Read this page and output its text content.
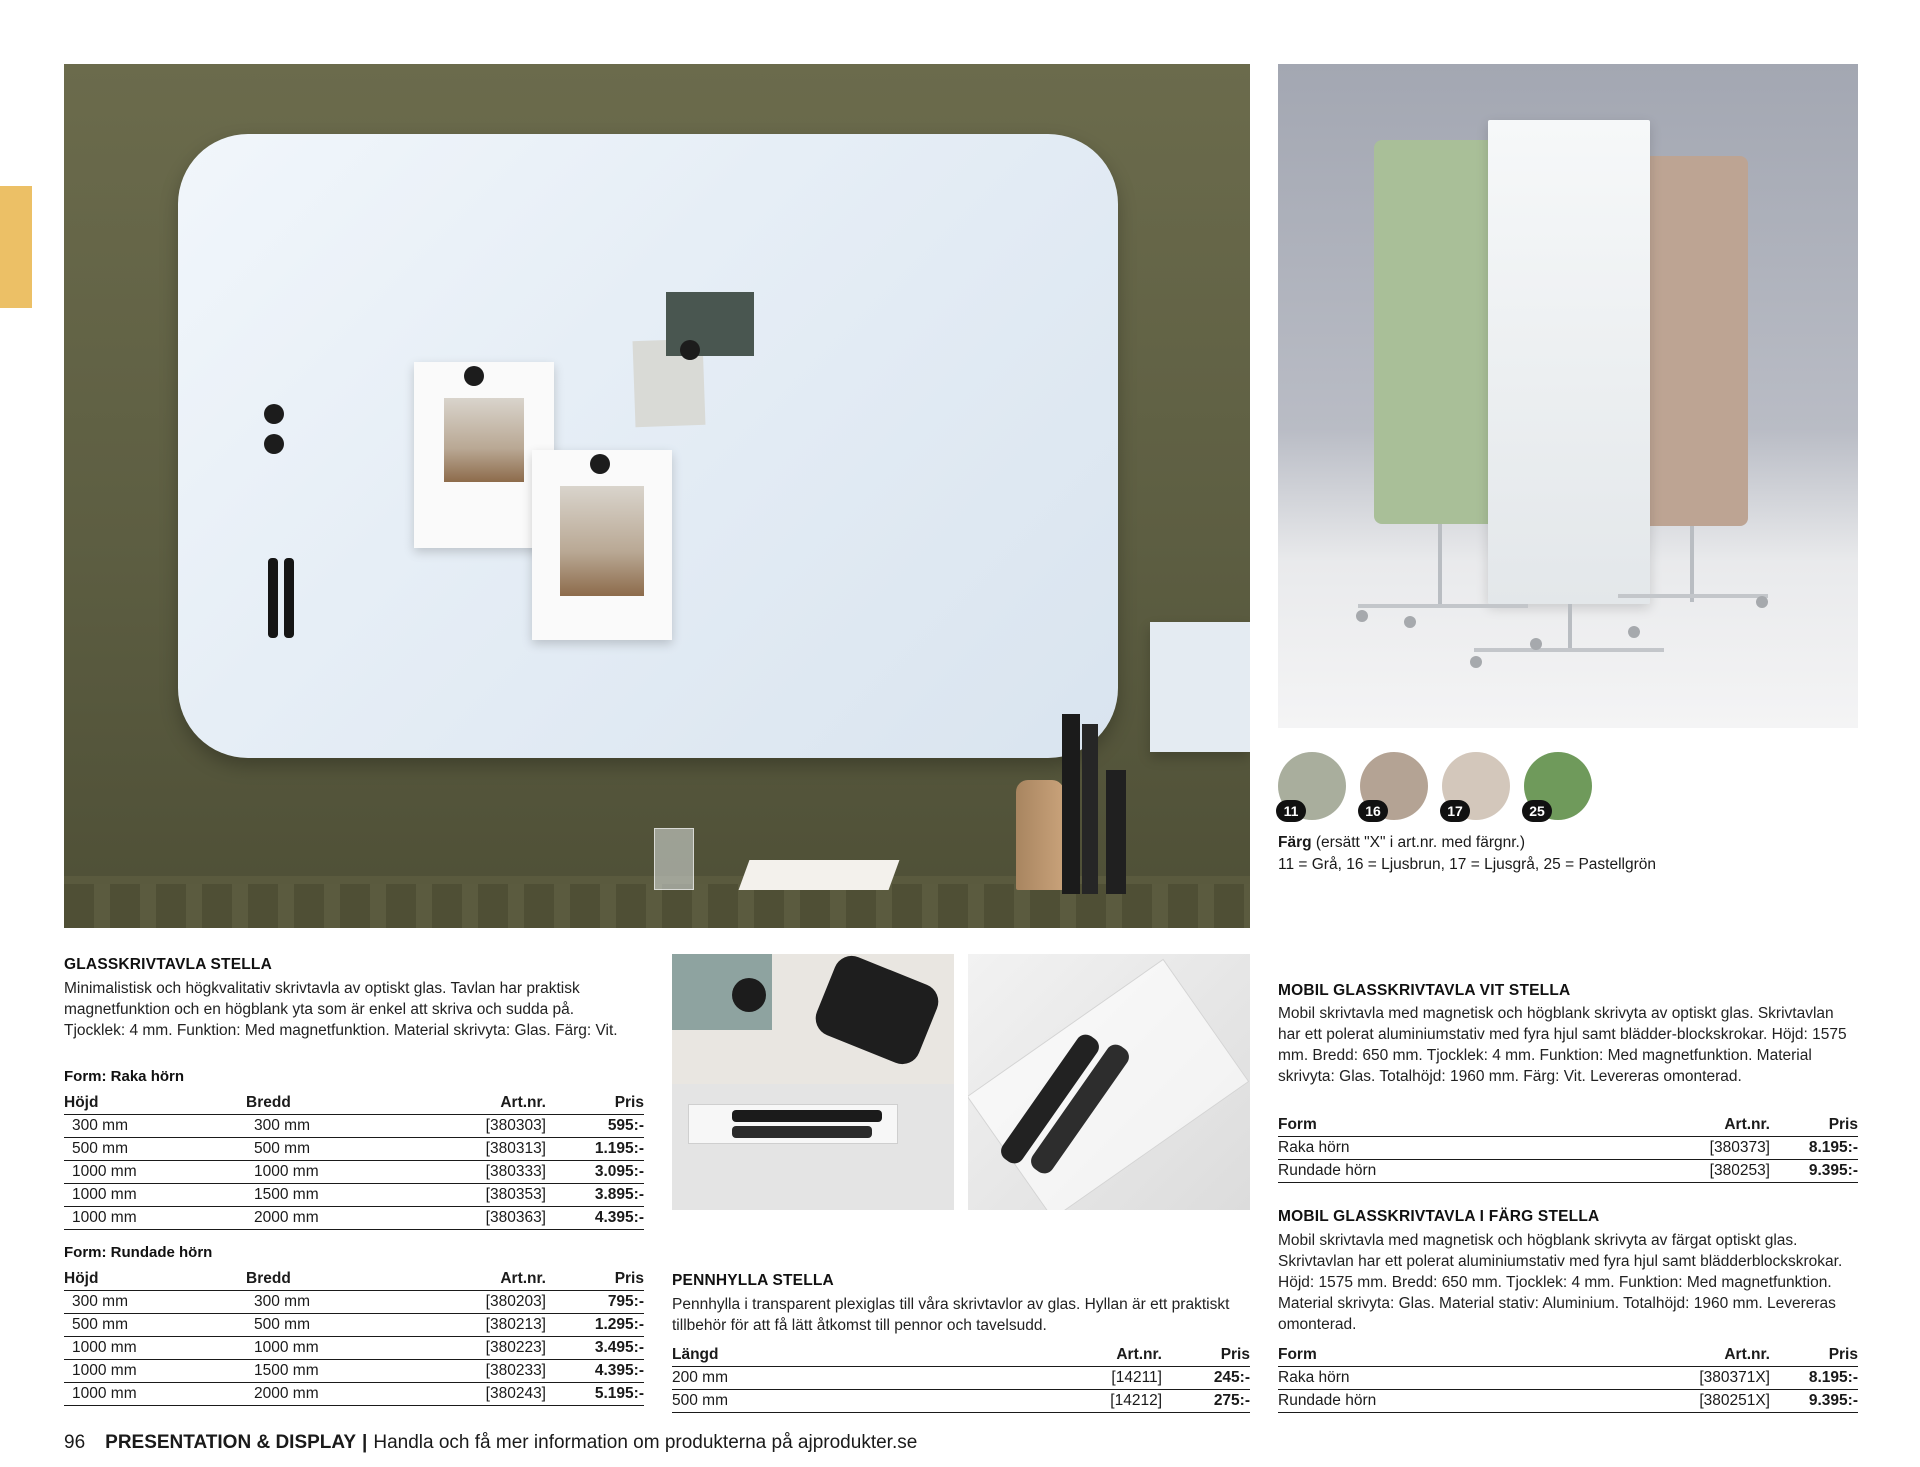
11	16	17	25
Färg (ersätt "X" i art.nr. med färgnr.)
11 = Grå, 16 = Ljusbrun, 17 = Ljusgrå, 25 = Pastellgrön
GLASSKRIVTAVLA STELLA
Minimalistisk och högkvalitativ skrivtavla av optiskt glas. Tavlan har praktisk magnetfunktion och en högblank yta som är enkel att skriva och sudda på. Tjocklek: 4 mm. Funktion: Med magnetfunktion. Material skrivyta: Glas. Färg: Vit.
Form: Raka hörn
Höjd	Bredd	Art.nr.	Pris
300 mm	300 mm	[380303]	595:-
500 mm	500 mm	[380313]	1.195:-
1000 mm	1000 mm	[380333]	3.095:-
1000 mm	1500 mm	[380353]	3.895:-
1000 mm	2000 mm	[380363]	4.395:-
Form: Rundade hörn
Höjd	Bredd	Art.nr.	Pris
300 mm	300 mm	[380203]	795:-
500 mm	500 mm	[380213]	1.295:-
1000 mm	1000 mm	[380223]	3.495:-
1000 mm	1500 mm	[380233]	4.395:-
1000 mm	2000 mm	[380243]	5.195:-
PENNHYLLA STELLA
Pennhylla i transparent plexiglas till våra skrivtavlor av glas. Hyllan är ett praktiskt tillbehör för att få lätt åtkomst till pennor och tavelsudd.
Längd	Art.nr.	Pris
200 mm	[14211]	245:-
500 mm	[14212]	275:-
MOBIL GLASSKRIVTAVLA VIT STELLA
Mobil skrivtavla med magnetisk och högblank skrivyta av optiskt glas. Skrivtavlan har ett polerat aluminiumstativ med fyra hjul samt blädder-blockskrokar. Höjd: 1575 mm. Bredd: 650 mm. Tjocklek: 4 mm. Funktion: Med magnetfunktion. Material skrivyta: Glas. Totalhöjd: 1960 mm. Färg: Vit. Levereras omonterad.
Form	Art.nr.	Pris
Raka hörn	[380373]	8.195:-
Rundade hörn	[380253]	9.395:-
MOBIL GLASSKRIVTAVLA I FÄRG STELLA
Mobil skrivtavla med magnetisk och högblank skrivyta av färgat optiskt glas. Skrivtavlan har ett polerat aluminiumstativ med fyra hjul samt blädderblockskrokar. Höjd: 1575 mm. Bredd: 650 mm. Tjocklek: 4 mm. Funktion: Med magnetfunktion. Material skrivyta: Glas. Material stativ: Aluminium. Totalhöjd: 1960 mm. Levereras omonterad.
Form	Art.nr.	Pris
Raka hörn	[380371X]	8.195:-
Rundade hörn	[380251X]	9.395:-
96 PRESENTATION & DISPLAY | Handla och få mer information om produkterna på ajprodukter.se
